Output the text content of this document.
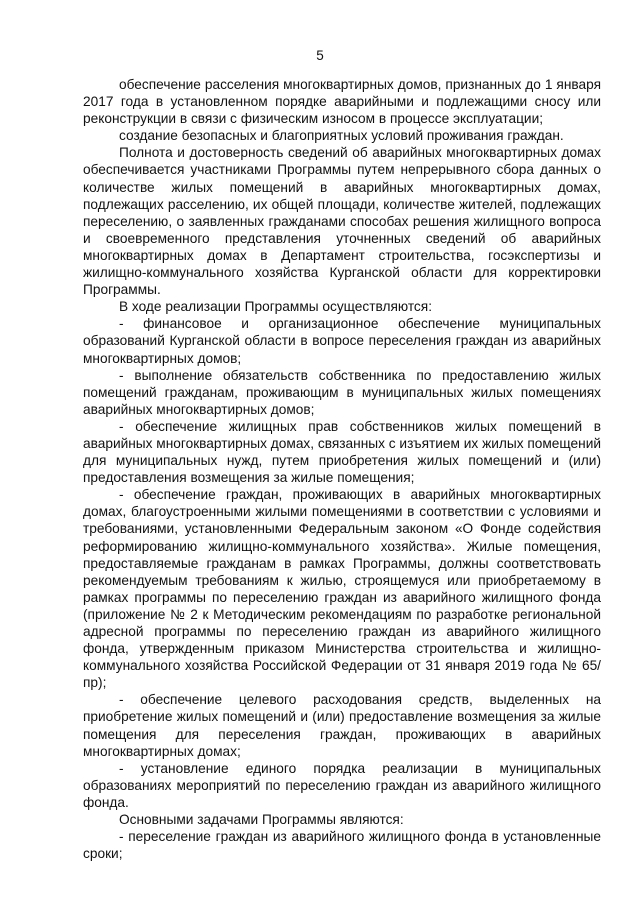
5

обеспечение расселения многоквартирных домов, признанных до 1 января 2017 года в установленном порядке аварийными и подлежащими сносу или реконструкции в связи с физическим износом в процессе эксплуатации;

создание безопасных и благоприятных условий проживания граждан.

Полнота и достоверность сведений об аварийных многоквартирных домах обеспечивается участниками Программы путем непрерывного сбора данных о количестве жилых помещений в аварийных многоквартирных домах, подлежащих расселению, их общей площади, количестве жителей, подлежащих переселению, о заявленных гражданами способах решения жилищного вопроса и своевременного представления уточненных сведений об аварийных многоквартирных домах в Департамент строительства, госэкспертизы и жилищно-коммунального хозяйства Курганской области для корректировки Программы.

В ходе реализации Программы осуществляются:

- финансовое и организационное обеспечение муниципальных образований Курганской области в вопросе переселения граждан из аварийных многоквартирных домов;

- выполнение обязательств собственника по предоставлению жилых помещений гражданам, проживающим в муниципальных жилых помещениях аварийных многоквартирных домов;

- обеспечение жилищных прав собственников жилых помещений в аварийных многоквартирных домах, связанных с изъятием их жилых помещений для муниципальных нужд, путем приобретения жилых помещений и (или) предоставления возмещения за жилые помещения;

- обеспечение граждан, проживающих в аварийных многоквартирных домах, благоустроенными жилыми помещениями в соответствии с условиями и требованиями, установленными Федеральным законом «О Фонде содействия реформированию жилищно-коммунального хозяйства». Жилые помещения, предоставляемые гражданам в рамках Программы, должны соответствовать рекомендуемым требованиям к жилью, строящемуся или приобретаемому в рамках программы по переселению граждан из аварийного жилищного фонда (приложение № 2 к Методическим рекомендациям по разработке региональной адресной программы по переселению граждан из аварийного жилищного фонда, утвержденным приказом Министерства строительства и жилищно-коммунального хозяйства Российской Федерации от 31 января 2019 года № 65/пр);

- обеспечение целевого расходования средств, выделенных на приобретение жилых помещений и (или) предоставление возмещения за жилые помещения для переселения граждан, проживающих в аварийных многоквартирных домах;

- установление единого порядка реализации в муниципальных образованиях мероприятий по переселению граждан из аварийного жилищного фонда.

Основными задачами Программы являются:

- переселение граждан из аварийного жилищного фонда в установленные сроки;
